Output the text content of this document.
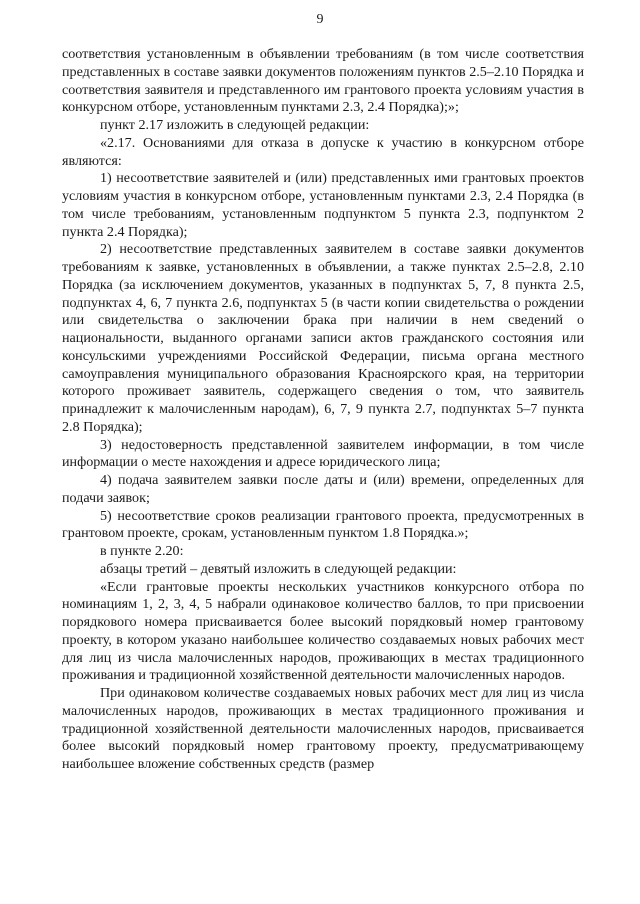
9

соответствия установленным в объявлении требованиям (в том числе соответствия представленных в составе заявки документов положениям пунктов 2.5–2.10 Порядка и соответствия заявителя и представленного им грантового проекта условиям участия в конкурсном отборе, установленным пунктами 2.3, 2.4 Порядка);»;

пункт 2.17 изложить в следующей редакции:

«2.17. Основаниями для отказа в допуске к участию в конкурсном отборе являются:

1) несоответствие заявителей и (или) представленных ими грантовых проектов условиям участия в конкурсном отборе, установленным пунктами 2.3, 2.4 Порядка (в том числе требованиям, установленным подпунктом 5 пункта 2.3, подпунктом 2 пункта 2.4 Порядка);

2) несоответствие представленных заявителем в составе заявки документов требованиям к заявке, установленных в объявлении, а также пунктах 2.5–2.8, 2.10 Порядка (за исключением документов, указанных в подпунктах 5, 7, 8 пункта 2.5, подпунктах 4, 6, 7 пункта 2.6, подпунктах 5 (в части копии свидетельства о рождении или свидетельства о заключении брака при наличии в нем сведений о национальности, выданного органами записи актов гражданского состояния или консульскими учреждениями Российской Федерации, письма органа местного самоуправления муниципального образования Красноярского края, на территории которого проживает заявитель, содержащего сведения о том, что заявитель принадлежит к малочисленным народам), 6, 7, 9 пункта 2.7, подпунктах 5–7 пункта 2.8 Порядка);

3) недостоверность представленной заявителем информации, в том числе информации о месте нахождения и адресе юридического лица;

4) подача заявителем заявки после даты и (или) времени, определенных для подачи заявок;

5) несоответствие сроков реализации грантового проекта, предусмотренных в грантовом проекте, срокам, установленным пунктом 1.8 Порядка.»;

в пункте 2.20:

абзацы третий – девятый изложить в следующей редакции:

«Если грантовые проекты нескольких участников конкурсного отбора по номинациям 1, 2, 3, 4, 5 набрали одинаковое количество баллов, то при присвоении порядкового номера присваивается более высокий порядковый номер грантовому проекту, в котором указано наибольшее количество создаваемых новых рабочих мест для лиц из числа малочисленных народов, проживающих в местах традиционного проживания и традиционной хозяйственной деятельности малочисленных народов.

При одинаковом количестве создаваемых новых рабочих мест для лиц из числа малочисленных народов, проживающих в местах традиционного проживания и традиционной хозяйственной деятельности малочисленных народов, присваивается более высокий порядковый номер грантовому проекту, предусматривающему наибольшее вложение собственных средств (размер
